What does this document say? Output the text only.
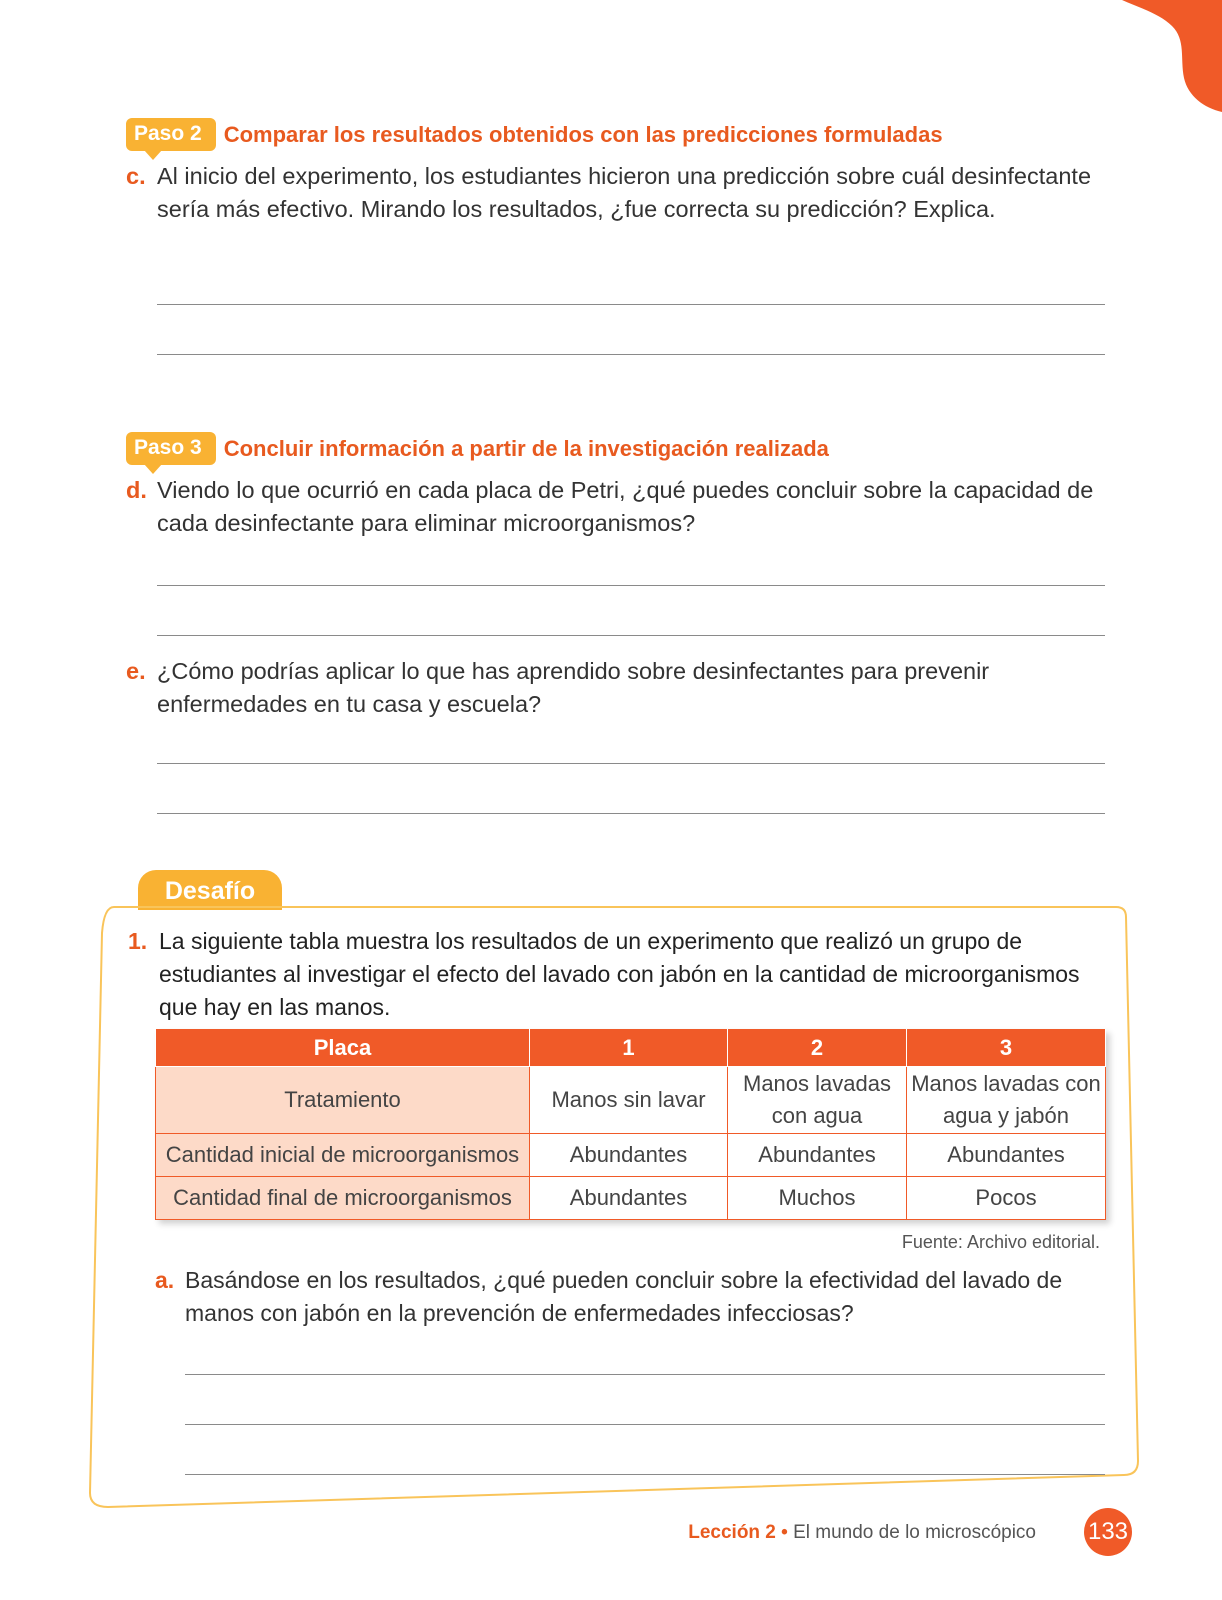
Paso 2	Comparar los resultados obtenidos con las predicciones formuladas
c. Al inicio del experimento, los estudiantes hicieron una predicción sobre cuál desinfectante sería más efectivo. Mirando los resultados, ¿fue correcta su predicción? Explica.
Paso 3	Concluir información a partir de la investigación realizada
d. Viendo lo que ocurrió en cada placa de Petri, ¿qué puedes concluir sobre la capacidad de cada desinfectante para eliminar microorganismos?
e. ¿Cómo podrías aplicar lo que has aprendido sobre desinfectantes para prevenir enfermedades en tu casa y escuela?
Desafío
1. La siguiente tabla muestra los resultados de un experimento que realizó un grupo de estudiantes al investigar el efecto del lavado con jabón en la cantidad de microorganismos que hay en las manos.
Placa	1	2	3
Tratamiento	Manos sin lavar	Manos lavadas con agua	Manos lavadas con agua y jabón
Cantidad inicial de microorganismos	Abundantes	Abundantes	Abundantes
Cantidad final de microorganismos	Abundantes	Muchos	Pocos
Fuente: Archivo editorial.
a. Basándose en los resultados, ¿qué pueden concluir sobre la efectividad del lavado de manos con jabón en la prevención de enfermedades infecciosas?
Lección 2 • El mundo de lo microscópico 133
